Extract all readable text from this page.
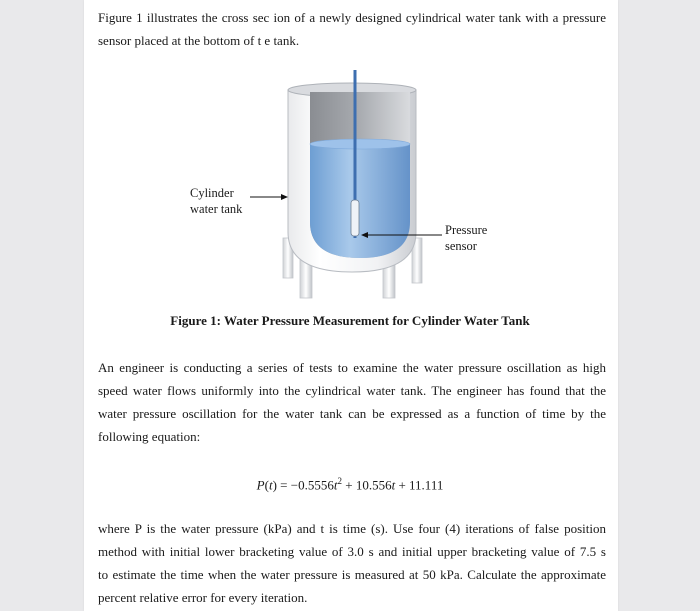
Figure 1 illustrates the cross sec ion of a newly designed cylindrical water tank with a pressure
sensor placed at the bottom of t e tank.

Cylinder
water tank
Pressure
sensor
Figure 1: Water Pressure Measurement for Cylinder Water Tank

An engineer is conducting a series of tests to examine the water pressure oscillation as high
speed water flows uniformly into the cylindrical water tank. The engineer has found that the
water pressure oscillation for the water tank can be expressed as a function of time by the
following equation:

$P(t) = -0.5556t^2 + 10.556t + 11.111$

where P is the water pressure (kPa) and t is time (s). Use four (4) iterations of false position
method with initial lower bracketing value of 3.0 s and initial upper bracketing value of 7.5 s
to estimate the time when the water pressure is measured at 50 kPa. Calculate the approximate
percent relative error for every iteration.
